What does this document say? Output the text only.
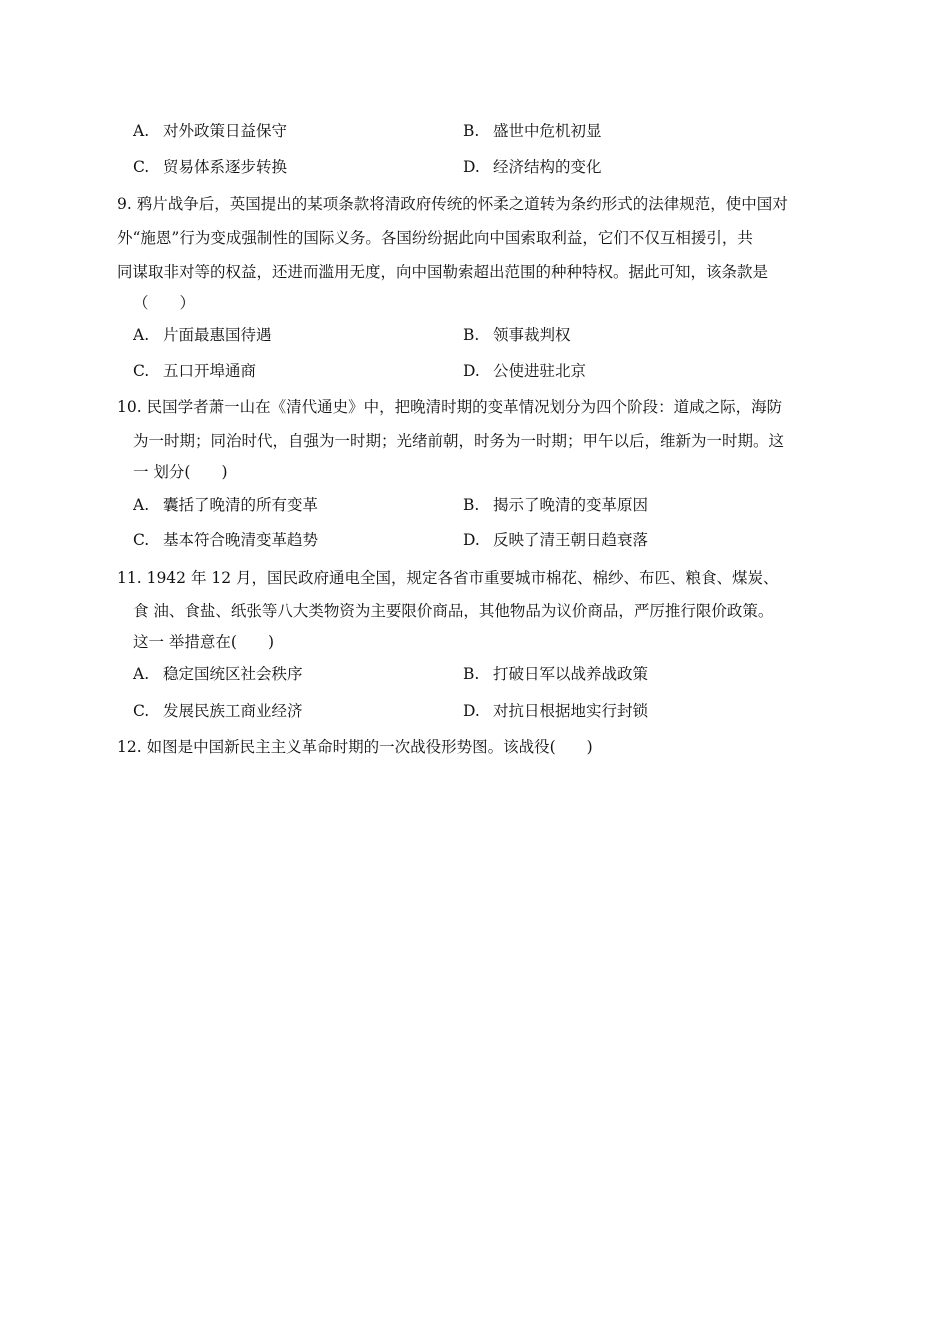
A. 对外政策日益保守	B. 盛世中危机初显
C. 贸易体系逐步转换	D. 经济结构的变化
9. 鸦片战争后，英国提出的某项条款将清政府传统的怀柔之道转为条约形式的法律规范，使中国对
外“施恩”行为变成强制性的国际义务。各国纷纷据此向中国索取利益，它们不仅互相援引，共
同谋取非对等的权益，还进而滥用无度，向中国勒索超出范围的种种特权。据此可知，该条款是
（　　）
A. 片面最惠国待遇	B. 领事裁判权
C. 五口开埠通商	D. 公使进驻北京
10. 民国学者萧一山在《清代通史》中，把晚清时期的变革情况划分为四个阶段：道咸之际，海防
为一时期；同治时代，自强为一时期；光绪前朝，时务为一时期；甲午以后，维新为一时期。这
一 划分(　　)
A. 囊括了晚清的所有变革	B. 揭示了晚清的变革原因
C. 基本符合晚清变革趋势	D. 反映了清王朝日趋衰落
11. 1942 年 12 月，国民政府通电全国，规定各省市重要城市棉花、棉纱、布匹、粮食、煤炭、
食 油、食盐、纸张等八大类物资为主要限价商品，其他物品为议价商品，严厉推行限价政策。
这一 举措意在(　　)
A. 稳定国统区社会秩序	B. 打破日军以战养战政策
C. 发展民族工商业经济	D. 对抗日根据地实行封锁
12. 如图是中国新民主主义革命时期的一次战役形势图。该战役(　　)
